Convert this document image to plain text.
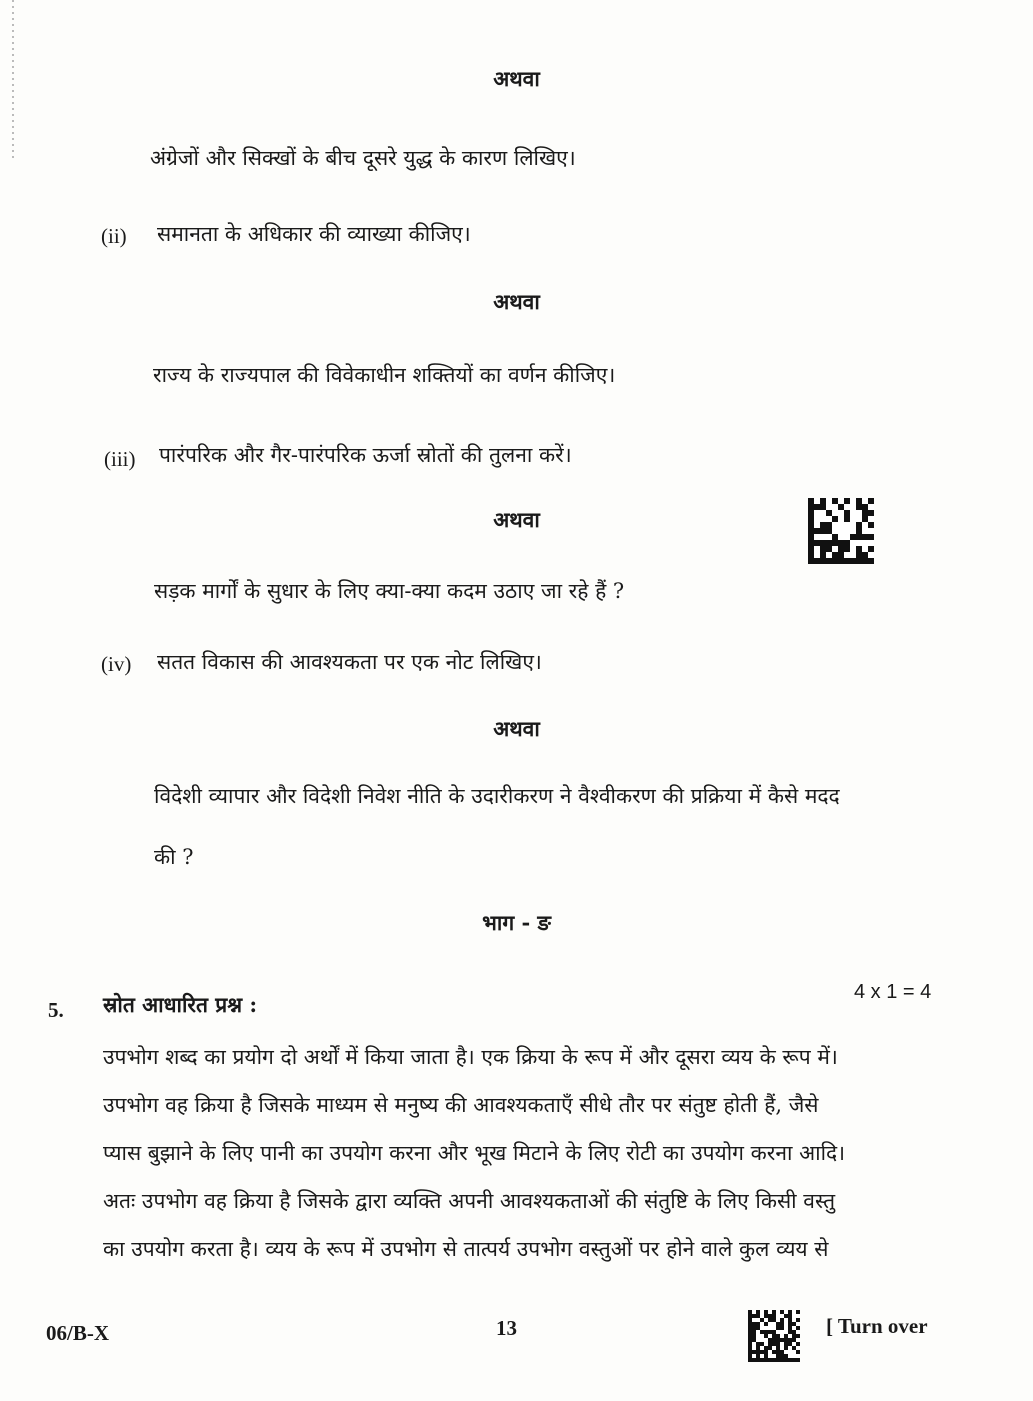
अथवा
अंग्रेजों और सिक्खों के बीच दूसरे युद्ध के कारण लिखिए।
(ii) समानता के अधिकार की व्याख्या कीजिए।
अथवा
राज्य के राज्यपाल की विवेकाधीन शक्तियों का वर्णन कीजिए।
(iii) पारंपरिक और गैर-पारंपरिक ऊर्जा स्रोतों की तुलना करें।
अथवा
सड़क मार्गों के सुधार के लिए क्या-क्या कदम उठाए जा रहे हैं ?
(iv) सतत विकास की आवश्यकता पर एक नोट लिखिए।
अथवा
विदेशी व्यापार और विदेशी निवेश नीति के उदारीकरण ने वैश्वीकरण की प्रक्रिया में कैसे मदद
की ?
भाग - ङ
5. स्रोत आधारित प्रश्न :	4 x 1 = 4
उपभोग शब्द का प्रयोग दो अर्थों में किया जाता है। एक क्रिया के रूप में और दूसरा व्यय के रूप में।
उपभोग वह क्रिया है जिसके माध्यम से मनुष्य की आवश्यकताएँ सीधे तौर पर संतुष्ट होती हैं, जैसे
प्यास बुझाने के लिए पानी का उपयोग करना और भूख मिटाने के लिए रोटी का उपयोग करना आदि।
अतः उपभोग वह क्रिया है जिसके द्वारा व्यक्ति अपनी आवश्यकताओं की संतुष्टि के लिए किसी वस्तु
का उपयोग करता है। व्यय के रूप में उपभोग से तात्पर्य उपभोग वस्तुओं पर होने वाले कुल व्यय से
06/B-X	13	[ Turn over
